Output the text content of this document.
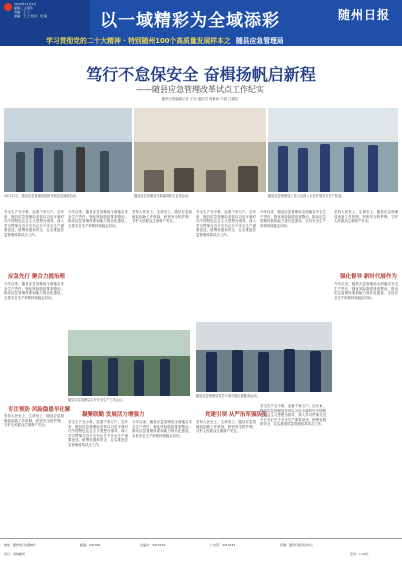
2022年11月2日
星期三 壬寅年
责编：王 兰
美编：王 兰 校对：刘 聪	以一域精彩为全域添彩	随州日报
学习贯彻党的二十大精神 · 特别随州100个高质量发展样本之 随县应急管理局
笃行不怠保安全 奋楫扬帆启新程
——随县应急管理改革试点工作纪实
随州日报融媒记者 王钊 通讯员 周紫伟 卢超 汪德佳
10月27日，随县应急管理局组织开展应急演练活动。	随县应急管理局开展森林防火宣传活动。	随县应急管理局工作人员深入企业开展安全生产检查。
安全生产无小事，连着千家万户。近年来，随县应急管理局坚持以习近平新时代中国特色社会主义思想为指导，深入学习贯彻习近平总书记关于安全生产重要论述，统筹发展和安全，扎实推进应急管理改革试点工作。
应急先行 聚合力提治理
今年以来，随县应急管理局全面落实安全生产责任，强化风险隐患排查整治，推动应急管理体系和能力现代化建设，全县安全生产形势持续稳定向好。
专注预防 风险隐患早化解
坚持人民至上、生命至上，随县应急管理局创新工作机制，织密安全防护网，守护人民群众生命财产安全。
今年以来，随县应急管理局全面落实安全生产责任，强化风险隐患排查整治，推动应急管理体系和能力现代化建设，全县安全生产形势持续稳定向好。
随县应急管理局召开安全生产工作会议。
凝聚联勤 发展活力增强力
安全生产无小事，连着千家万户。近年来，随县应急管理局坚持以习近平新时代中国特色社会主义思想为指导，深入学习贯彻习近平总书记关于安全生产重要论述，统筹发展和安全，扎实推进应急管理改革试点工作。
坚持人民至上、生命至上，随县应急管理局创新工作机制，织密安全防护网，守护人民群众生命财产安全。
今年以来，随县应急管理局全面落实安全生产责任，强化风险隐患排查整治，推动应急管理体系和能力现代化建设，全县安全生产形势持续稳定向好。
安全生产无小事，连着千家万户。近年来，随县应急管理局坚持以习近平新时代中国特色社会主义思想为指导，深入学习贯彻习近平总书记关于安全生产重要论述，统筹发展和安全，扎实推进应急管理改革试点工作。
随县应急管理局党员干部开展志愿服务活动。
党建引领 从严治军强队伍
坚持人民至上、生命至上，随县应急管理局创新工作机制，织密安全防护网，守护人民群众生命财产安全。
今年以来，随县应急管理局全面落实安全生产责任，强化风险隐患排查整治，推动应急管理体系和能力现代化建设，全县安全生产形势持续稳定向好。
安全生产无小事，连着千家万户。近年来，随县应急管理局坚持以习近平新时代中国特色社会主义思想为指导，深入学习贯彻习近平总书记关于安全生产重要论述，统筹发展和安全，扎实推进应急管理改革试点工作。
坚持人民至上、生命至上，随县应急管理局创新工作机制，织密安全防护网，守护人民群众生命财产安全。
强化督导 新时代展作为
今年以来，随县应急管理局全面落实安全生产责任，强化风险隐患排查整治，推动应急管理体系和能力现代化建设，全县安全生产形势持续稳定向好。
地址：随州市汉东路8号	邮编：441300	总编办：3313110	广告部：3313145	印刷：随州日报印务中心
发行：各地邮局	定价：1.00元
